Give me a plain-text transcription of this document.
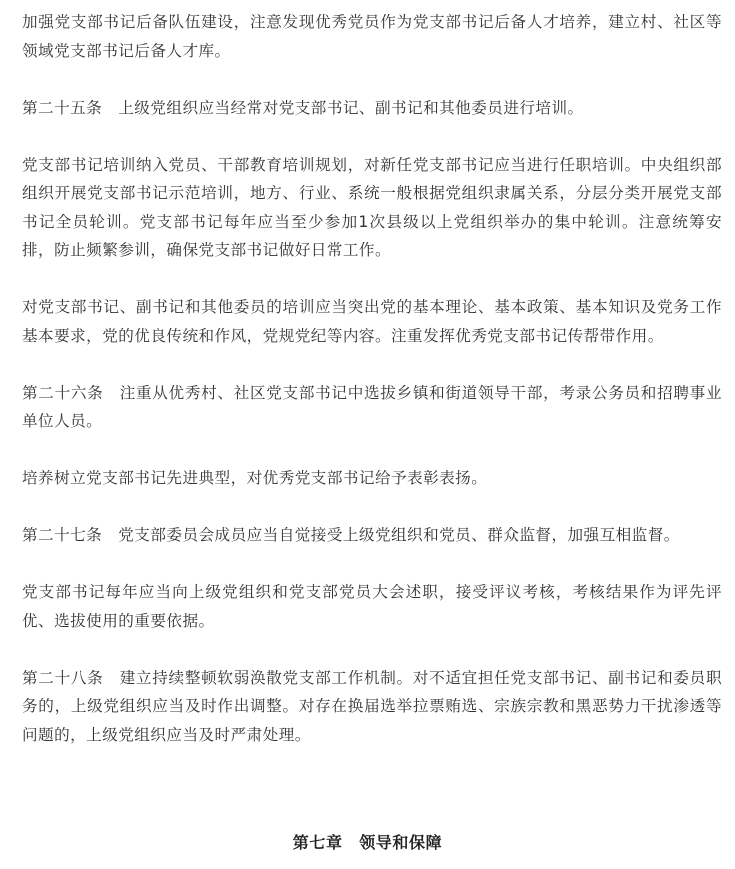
加强党支部书记后备队伍建设，注意发现优秀党员作为党支部书记后备人才培养，建立村、社区等领域党支部书记后备人才库。

第二十五条　上级党组织应当经常对党支部书记、副书记和其他委员进行培训。

党支部书记培训纳入党员、干部教育培训规划，对新任党支部书记应当进行任职培训。中央组织部组织开展党支部书记示范培训，地方、行业、系统一般根据党组织隶属关系，分层分类开展党支部书记全员轮训。党支部书记每年应当至少参加1次县级以上党组织举办的集中轮训。注意统筹安排，防止频繁参训，确保党支部书记做好日常工作。

对党支部书记、副书记和其他委员的培训应当突出党的基本理论、基本政策、基本知识及党务工作基本要求，党的优良传统和作风，党规党纪等内容。注重发挥优秀党支部书记传帮带作用。

第二十六条　注重从优秀村、社区党支部书记中选拔乡镇和街道领导干部，考录公务员和招聘事业单位人员。

培养树立党支部书记先进典型，对优秀党支部书记给予表彰表扬。

第二十七条　党支部委员会成员应当自觉接受上级党组织和党员、群众监督，加强互相监督。

党支部书记每年应当向上级党组织和党支部党员大会述职，接受评议考核，考核结果作为评先评优、选拔使用的重要依据。

第二十八条　建立持续整顿软弱涣散党支部工作机制。对不适宜担任党支部书记、副书记和委员职务的，上级党组织应当及时作出调整。对存在换届选举拉票贿选、宗族宗教和黑恶势力干扰渗透等问题的，上级党组织应当及时严肃处理。

第七章　领导和保障
